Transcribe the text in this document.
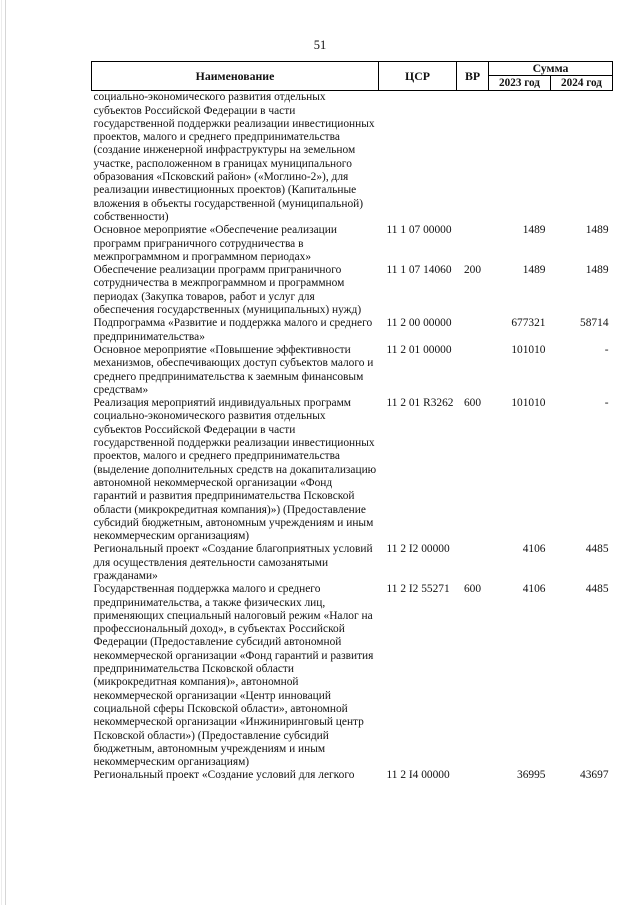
51
Наименование	ЦСР	ВР	Сумма	
			2023 год	2024 год
социально-экономического развития отдельных субъектов Российской Федерации в части государственной поддержки реализации инвестиционных проектов, малого и среднего предпринимательства (создание инженерной инфраструктуры на земельном участке, расположенном в границах муниципального образования «Псковский район» («Моглино-2»), для реализации инвестиционных проектов) (Капитальные вложения в объекты государственной (муниципальной) собственности)				
Основное мероприятие «Обеспечение реализации программ приграничного сотрудничества в межпрограммном и программном периодах»	11 1 07 00000		1489	1489
Обеспечение реализации программ приграничного сотрудничества в межпрограммном и программном периодах (Закупка товаров, работ и услуг для обеспечения государственных (муниципальных) нужд)	11 1 07 14060	200	1489	1489
Подпрограмма «Развитие и поддержка малого и среднего предпринимательства»	11 2 00 00000		677321	58714
Основное мероприятие «Повышение эффективности механизмов, обеспечивающих доступ субъектов малого и среднего предпринимательства к заемным финансовым средствам»	11 2 01 00000		101010	-
Реализация мероприятий индивидуальных программ социально-экономического развития отдельных субъектов Российской Федерации в части государственной поддержки реализации инвестиционных проектов, малого и среднего предпринимательства (выделение дополнительных средств на докапитализацию автономной некоммерческой организации «Фонд гарантий и развития предпринимательства Псковской области (микрокредитная компания)») (Предоставление субсидий бюджетным, автономным учреждениям и иным некоммерческим организациям)	11 2 01 R3262	600	101010	-
Региональный проект «Создание благоприятных условий для осуществления деятельности самозанятыми гражданами»	11 2 I2 00000		4106	4485
Государственная поддержка малого и среднего предпринимательства, а также физических лиц, применяющих специальный налоговый режим «Налог на профессиональный доход», в субъектах Российской Федерации (Предоставление субсидий автономной некоммерческой организации «Фонд гарантий и развития предпринимательства Псковской области (микрокредитная компания)», автономной некоммерческой организации «Центр инноваций социальной сферы Псковской области», автономной некоммерческой организации «Инжиниринговый центр Псковской области») (Предоставление субсидий бюджетным, автономным учреждениям и иным некоммерческим организациям)	11 2 I2 55271	600	4106	4485
Региональный проект «Создание условий для легкого	11 2 I4 00000		36995	43697
